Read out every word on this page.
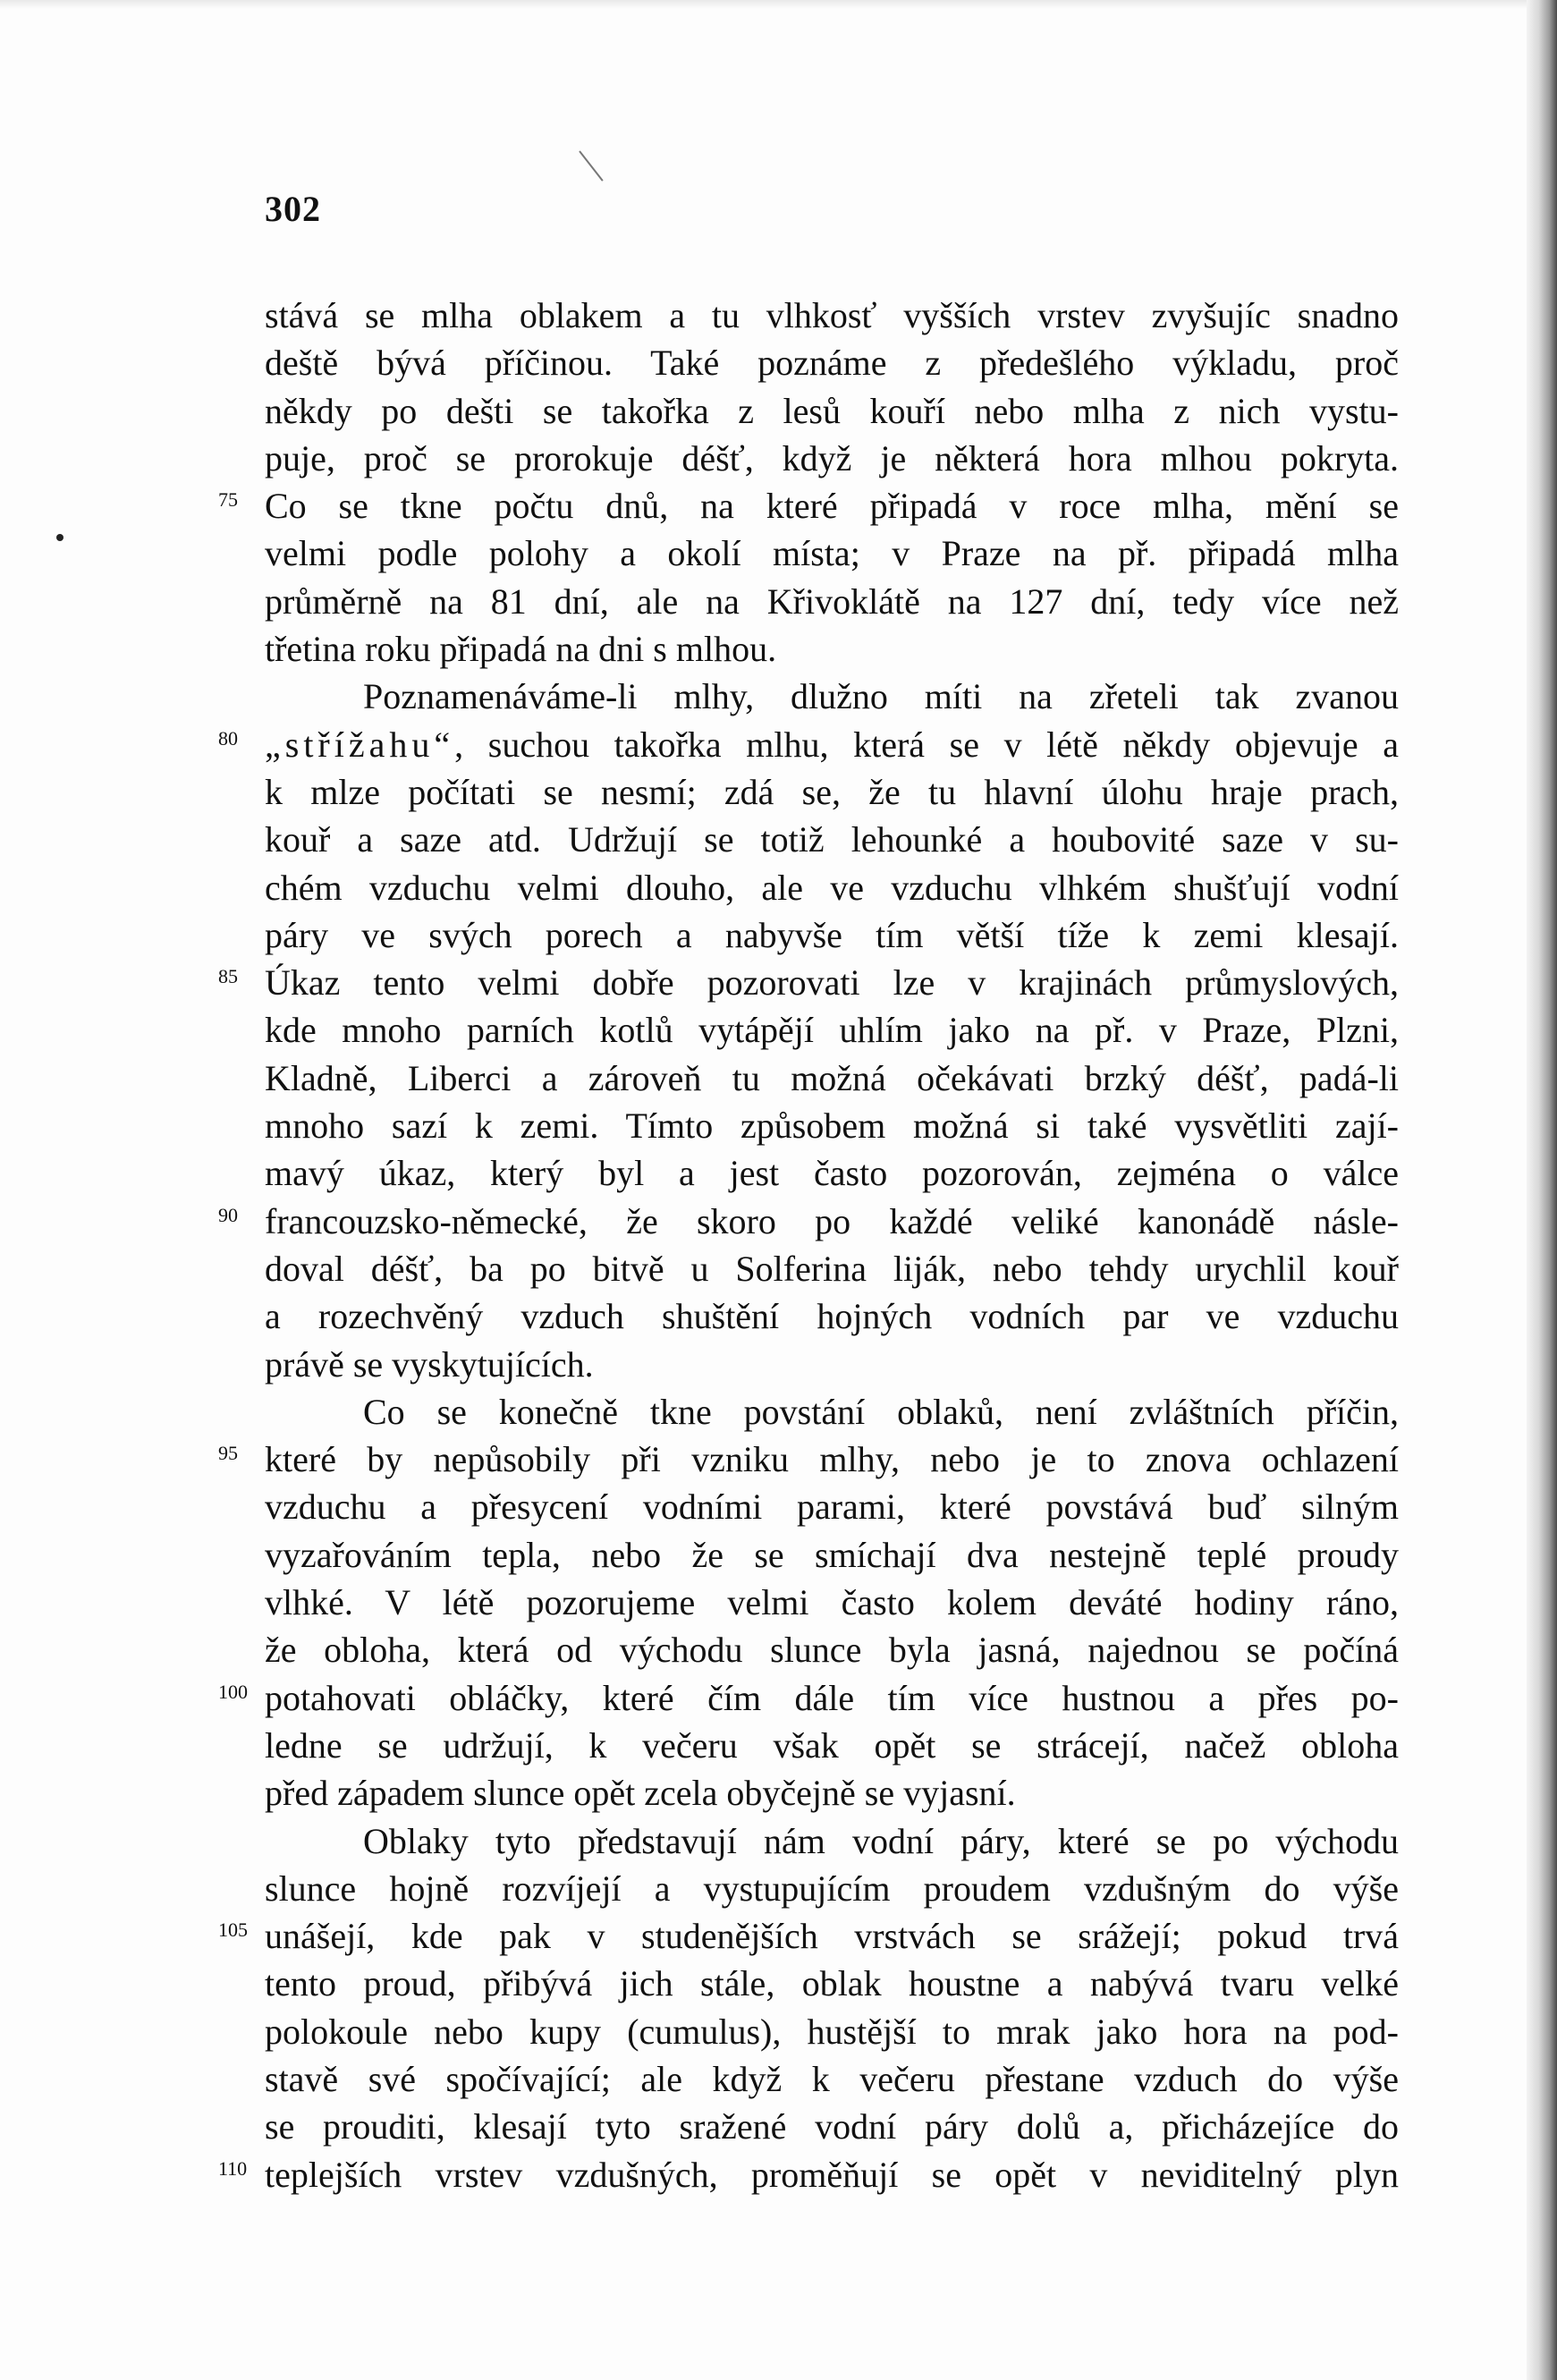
302
stává se mlha oblakem a tu vlhkosť vyšších vrstev zvyšujíc snadno
deště bývá příčinou. Také poznáme z předešlého výkladu, proč
někdy po dešti se takořka z lesů kouří nebo mlha z nich vystu-
puje, proč se prorokuje déšť, když je některá hora mlhou pokryta.
75 Co se tkne počtu dnů, na které připadá v roce mlha, mění se
velmi podle polohy a okolí místa; v Praze na př. připadá mlha
průměrně na 81 dní, ale na Křivoklátě na 127 dní, tedy více než
třetina roku připadá na dni s mlhou.
Poznamenáváme-li mlhy, dlužno míti na zřeteli tak zvanou
80 „střížahu“, suchou takořka mlhu, která se v létě někdy objevuje a
k mlze počítati se nesmí; zdá se, že tu hlavní úlohu hraje prach,
kouř a saze atd. Udržují se totiž lehounké a houbovité saze v su-
chém vzduchu velmi dlouho, ale ve vzduchu vlhkém shušťují vodní
páry ve svých porech a nabyvše tím větší tíže k zemi klesají.
85 Úkaz tento velmi dobře pozorovati lze v krajinách průmyslových,
kde mnoho parních kotlů vytápějí uhlím jako na př. v Praze, Plzni,
Kladně, Liberci a zároveň tu možná očekávati brzký déšť, padá-li
mnoho sazí k zemi. Tímto způsobem možná si také vysvětliti zají-
mavý úkaz, který byl a jest často pozorován, zejména o válce
90 francouzsko-německé, že skoro po každé veliké kanonádě násle-
doval déšť, ba po bitvě u Solferina liják, nebo tehdy urychlil kouř
a rozechvěný vzduch shuštění hojných vodních par ve vzduchu
právě se vyskytujících.
Co se konečně tkne povstání oblaků, není zvláštních příčin,
95 které by nepůsobily při vzniku mlhy, nebo je to znova ochlazení
vzduchu a přesycení vodními parami, které povstává buď silným
vyzařováním tepla, nebo že se smíchají dva nestejně teplé proudy
vlhké. V létě pozorujeme velmi často kolem deváté hodiny ráno,
že obloha, která od východu slunce byla jasná, najednou se počíná
100 potahovati obláčky, které čím dále tím více hustnou a přes po-
ledne se udržují, k večeru však opět se strácejí, načež obloha
před západem slunce opět zcela obyčejně se vyjasní.
Oblaky tyto představují nám vodní páry, které se po východu
slunce hojně rozvíjejí a vystupujícím proudem vzdušným do výše
105 unášejí, kde pak v studenějších vrstvách se srážejí; pokud trvá
tento proud, přibývá jich stále, oblak houstne a nabývá tvaru velké
polokoule nebo kupy (cumulus), hustější to mrak jako hora na pod-
stavě své spočívající; ale když k večeru přestane vzduch do výše
se prouditi, klesají tyto sražené vodní páry dolů a, přicházejíce do
110 teplejších vrstev vzdušných, proměňují se opět v neviditelný plyn
